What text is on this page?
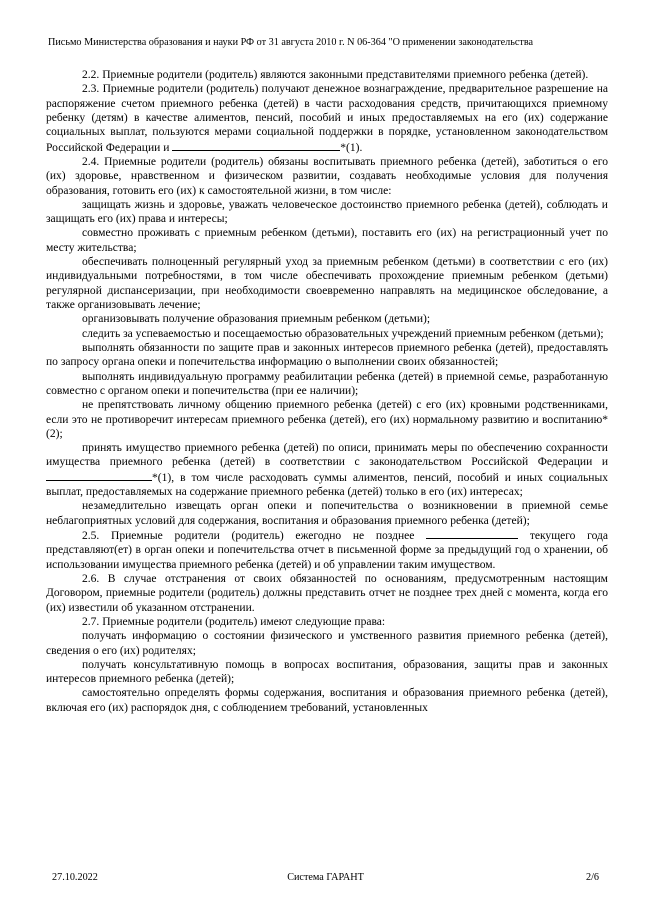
Письмо Министерства образования и науки РФ от 31 августа 2010 г. N 06-364 "О применении законодательства

2.2. Приемные родители (родитель) являются законными представителями приемного ребенка (детей).

2.3. Приемные родители (родитель) получают денежное вознаграждение, предварительное разрешение на распоряжение счетом приемного ребенка (детей) в части расходования средств, причитающихся приемному ребенку (детям) в качестве алиментов, пенсий, пособий и иных предоставляемых на его (их) содержание социальных выплат, пользуются мерами социальной поддержки в порядке, установленном законодательством Российской Федерации и	*(1).

2.4. Приемные родители (родитель) обязаны воспитывать приемного ребенка (детей), заботиться о его (их) здоровье, нравственном и физическом развитии, создавать необходимые условия для получения образования, готовить его (их) к самостоятельной жизни, в том числе:

защищать жизнь и здоровье, уважать человеческое достоинство приемного ребенка (детей), соблюдать и защищать его (их) права и интересы;

совместно проживать с приемным ребенком (детьми), поставить его (их) на регистрационный учет по месту жительства;

обеспечивать полноценный регулярный уход за приемным ребенком (детьми) в соответствии с его (их) индивидуальными потребностями, в том числе обеспечивать прохождение приемным ребенком (детьми) регулярной диспансеризации, при необходимости своевременно направлять на медицинское обследование, а также организовывать лечение;

организовывать получение образования приемным ребенком (детьми);

следить за успеваемостью и посещаемостью образовательных учреждений приемным ребенком (детьми);

выполнять обязанности по защите прав и законных интересов приемного ребенка (детей), предоставлять по запросу органа опеки и попечительства информацию о выполнении своих обязанностей;

выполнять индивидуальную программу реабилитации ребенка (детей) в приемной семье, разработанную совместно с органом опеки и попечительства (при ее наличии);

не препятствовать личному общению приемного ребенка (детей) с его (их) кровными родственниками, если это не противоречит интересам приемного ребенка (детей), его (их) нормальному развитию и воспитанию*(2);

принять имущество приемного ребенка (детей) по описи, принимать меры по обеспечению сохранности имущества приемного ребенка (детей) в соответствии с законодательством Российской Федерации и *(1), в том числе расходовать суммы алиментов, пенсий, пособий и иных социальных выплат, предоставляемых на содержание приемного ребенка (детей) только в его (их) интересах;

незамедлительно извещать орган опеки и попечительства о возникновении в приемной семье неблагоприятных условий для содержания, воспитания и образования приемного ребенка (детей);

2.5. Приемные родители (родитель) ежегодно не позднее	текущего года представляют(ет) в орган опеки и попечительства отчет в письменной форме за предыдущий год о хранении, об использовании имущества приемного ребенка (детей) и об управлении таким имуществом.

2.6. В случае отстранения от своих обязанностей по основаниям, предусмотренным настоящим Договором, приемные родители (родитель) должны представить отчет не позднее трех дней с момента, когда его (их) известили об указанном отстранении.

2.7. Приемные родители (родитель) имеют следующие права:

получать информацию о состоянии физического и умственного развития приемного ребенка (детей), сведения о его (их) родителях;

получать консультативную помощь в вопросах воспитания, образования, защиты прав и законных интересов приемного ребенка (детей);

самостоятельно определять формы содержания, воспитания и образования приемного ребенка (детей), включая его (их) распорядок дня, с соблюдением требований, установленных

27.10.2022	Система ГАРАНТ	2/6
